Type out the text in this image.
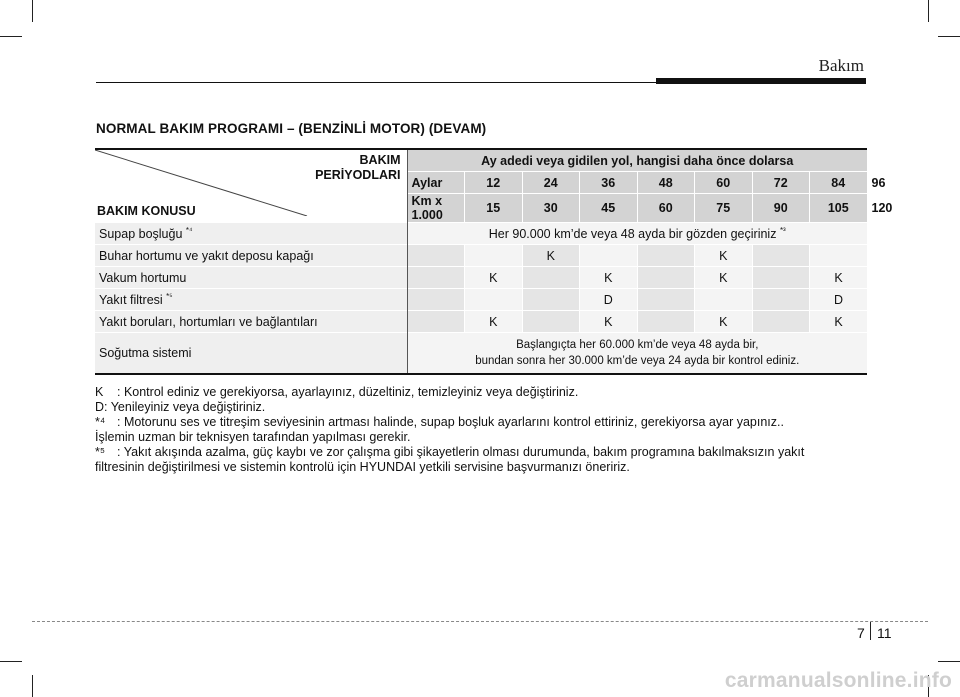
Bakım
NORMAL BAKIM PROGRAMI – (BENZİNLİ MOTOR) (DEVAM)
BAKIM
PERİYODLARI
BAKIM KONUSU	Ay adedi veya gidilen yol, hangisi daha önce dolarsa								
	Aylar	12	24	36	48	60	72	84	96
	Km x 1.000	15	30	45	60	75	90	105	120
Supap boşluğu $^{*^4}$	Her 90.000 km’de veya 48 ayda bir gözden geçiriniz $^{*^3}$
Buhar hortumu ve yakıt deposu kapağı			K			K			
Vakum hortumu		K		K		K		K	
Yakıt filtresi $^{*^5}$				D				D	
Yakıt boruları, hortumları ve bağlantıları		K		K		K		K	
Soğutma sistemi	Başlangıçta her 60.000 km’de veya 48 ayda bir,
bundan sonra her 30.000 km’de veya 24 ayda bir kontrol ediniz.								
K	: Kontrol ediniz ve gerekiyorsa, ayarlayınız, düzeltiniz, temizleyiniz veya değiştiriniz.
D: Yenileyiniz veya değiştiriniz.
*⁴ : Motorunu ses ve titreşim seviyesinin artması halinde, supap boşluk ayarlarını kontrol ettiriniz, gerekiyorsa ayar yapınız..
İşlemin uzman bir teknisyen tarafından yapılması gerekir.
*⁵ : Yakıt akışında azalma, güç kaybı ve zor çalışma gibi şikayetlerin olması durumunda, bakım programına bakılmaksızın yakıt
filtresinin değiştirilmesi ve sistemin kontrolü için HYUNDAI yetkili servisine başvurmanızı öneririz.
7 11
carmanualsonline.info
